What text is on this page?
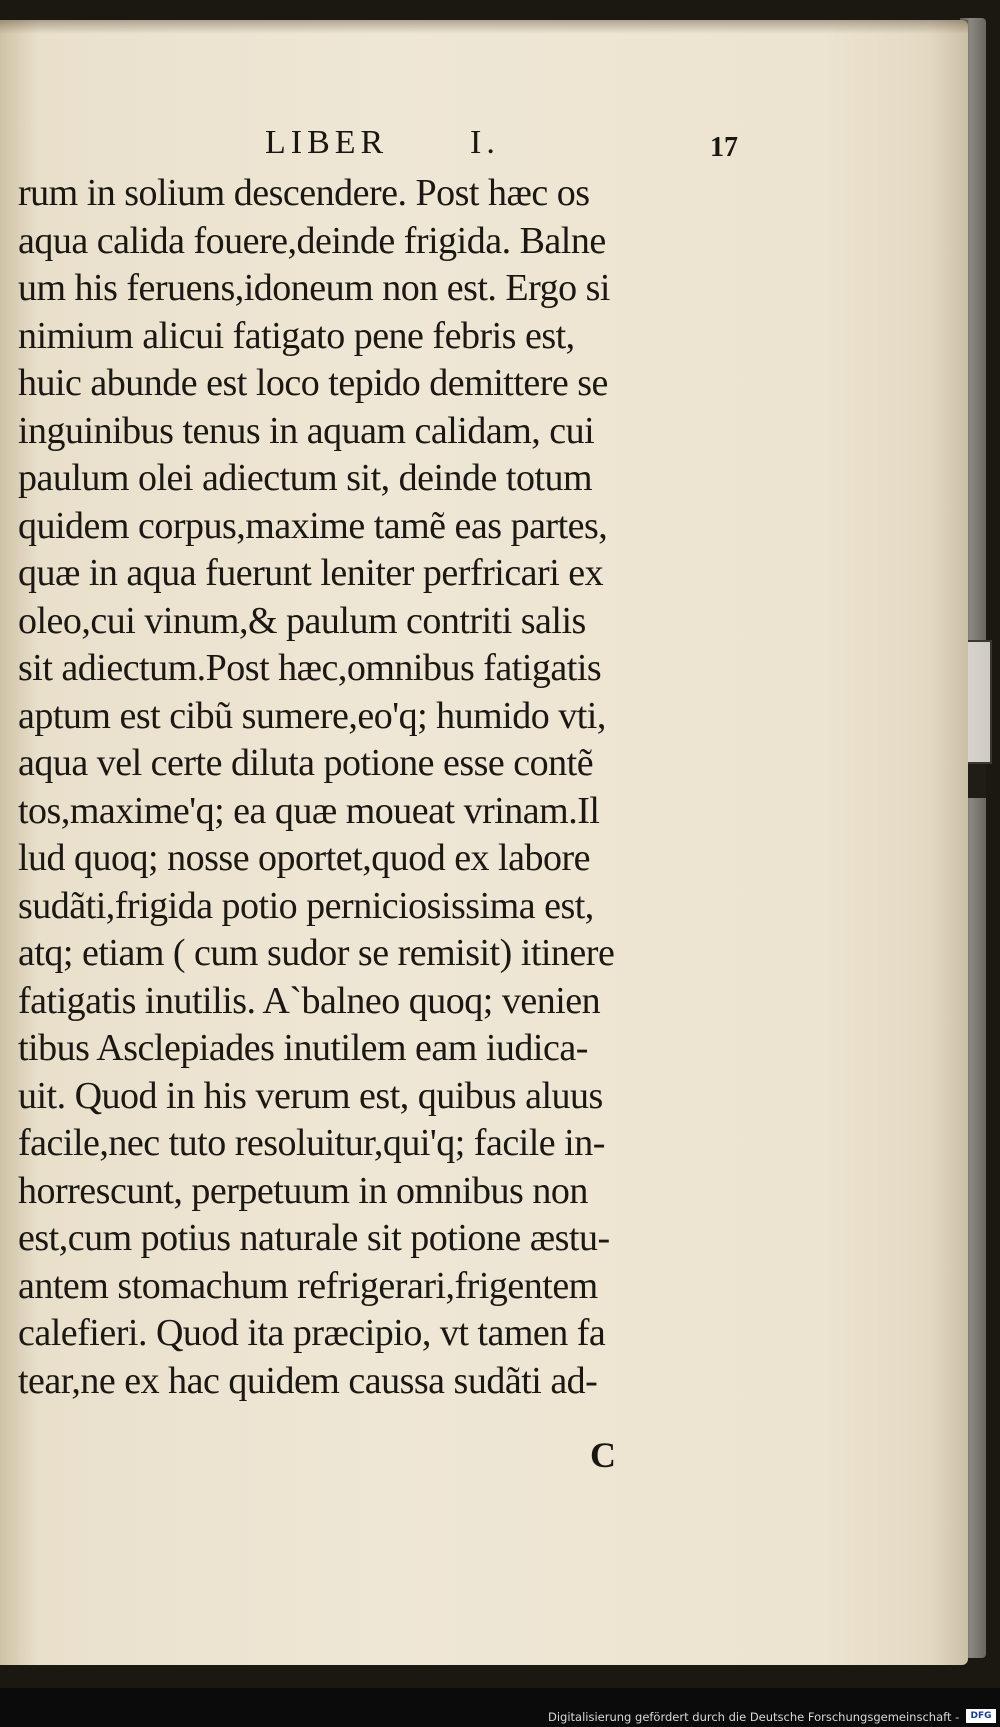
LIBER I.	17
rum in solium descendere. Post hæc os
aqua calida fouere,deinde frigida. Balne
um his feruens,idoneum non est. Ergo si
nimium alicui fatigato pene febris est,
huic abunde est loco tepido demittere se
inguinibus tenus in aquam calidam, cui
paulum olei adiectum sit, deinde totum
quidem corpus,maxime tamẽ eas partes,
quæ in aqua fuerunt leniter perfricari ex
oleo,cui vinum,& paulum contriti salis
sit adiectum.Post hæc,omnibus fatigatis
aptum est cibũ sumere,eo'q; humido vti,
aqua vel certe diluta potione esse contẽ
tos,maxime'q; ea quæ moueat vrinam.Il
lud quoq; nosse oportet,quod ex labore
sudãti,frigida potio perniciosissima est,
atq; etiam ( cum sudor se remisit) itinere
fatigatis inutilis. A`balneo quoq; venien
tibus Asclepiades inutilem eam iudica-
uit. Quod in his verum est, quibus aluus
facile,nec tuto resoluitur,qui'q; facile in-
horrescunt, perpetuum in omnibus non
est,cum potius naturale sit potione æstu-
antem stomachum refrigerari,frigentem
calefieri. Quod ita præcipio, vt tamen fa
tear,ne ex hac quidem caussa sudãti ad-
C
Digitalisierung gefördert durch die Deutsche Forschungsgemeinschaft -	DFG
